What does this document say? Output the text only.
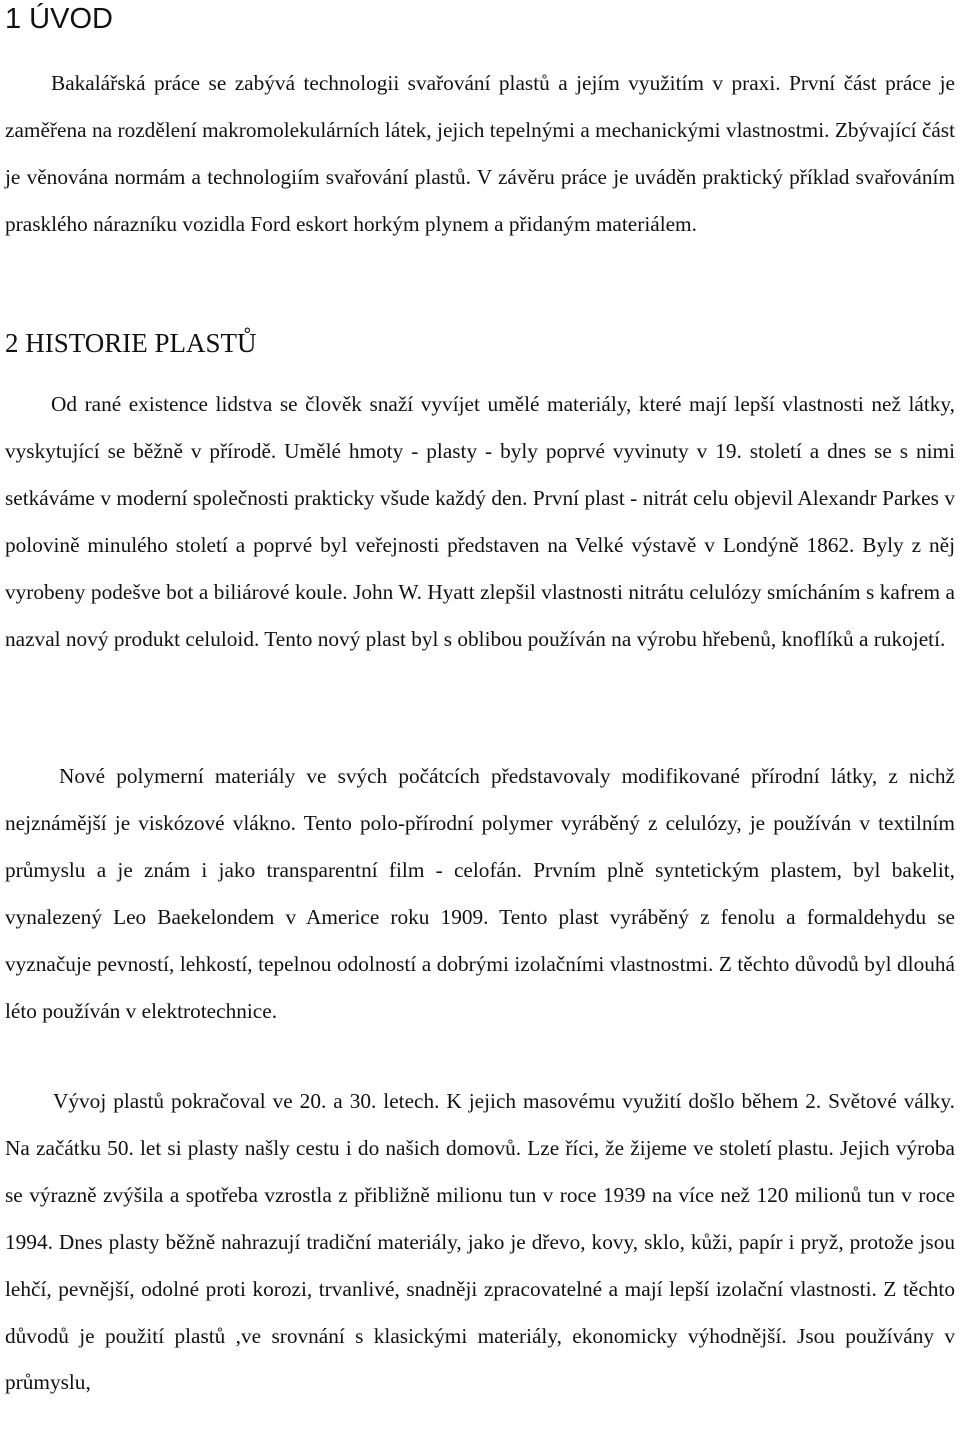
1 ÚVOD

Bakalářská práce se zabývá technologii svařování plastů a jejím využitím v praxi. První část práce je zaměřena na rozdělení makromolekulárních látek, jejich tepelnými a mechanickými vlastnostmi. Zbývající část je věnována normám a technologiím svařování plastů. V závěru práce je uváděn praktický příklad svařováním prasklého nárazníku vozidla Ford eskort horkým plynem a přidaným materiálem.

2 HISTORIE PLASTŮ

Od rané existence lidstva se člověk snaží vyvíjet umělé materiály, které mají lepší vlastnosti než látky, vyskytující se běžně v přírodě. Umělé hmoty - plasty - byly poprvé vyvinuty v 19. století a dnes se s nimi setkáváme v moderní společnosti prakticky všude každý den. První plast - nitrát celu objevil Alexandr Parkes v polovině minulého století a poprvé byl veřejnosti představen na Velké výstavě v Londýně 1862. Byly z něj vyrobeny podešve bot a biliárové koule. John W. Hyatt zlepšil vlastnosti nitrátu celulózy smícháním s kafrem a nazval nový produkt celuloid. Tento nový plast byl s oblibou používán na výrobu hřebenů, knoflíků a rukojetí.

Nové polymerní materiály ve svých počátcích představovaly modifikované přírodní látky, z nichž nejznámější je viskózové vlákno. Tento polo-přírodní polymer vyráběný z celulózy, je používán v textilním průmyslu a je znám i jako transparentní film - celofán. Prvním plně syntetickým plastem, byl bakelit, vynalezený Leo Baekelondem v Americe roku 1909. Tento plast vyráběný z fenolu a formaldehydu se vyznačuje pevností, lehkostí, tepelnou odolností a dobrými izolačními vlastnostmi. Z těchto důvodů byl dlouhá léto používán v elektrotechnice.

Vývoj plastů pokračoval ve 20. a 30. letech. K jejich masovému využití došlo během 2. Světové války. Na začátku 50. let si plasty našly cestu i do našich domovů. Lze říci, že žijeme ve století plastu. Jejich výroba se výrazně zvýšila a spotřeba vzrostla z přibližně milionu tun v roce 1939 na více než 120 milionů tun v roce 1994. Dnes plasty běžně nahrazují tradiční materiály, jako je dřevo, kovy, sklo, kůži, papír i pryž, protože jsou lehčí, pevnější, odolné proti korozi, trvanlivé, snadněji zpracovatelné a mají lepší izolační vlastnosti. Z těchto důvodů je použití plastů ,ve srovnání s klasickými materiály, ekonomicky výhodnější. Jsou používány v průmyslu,
